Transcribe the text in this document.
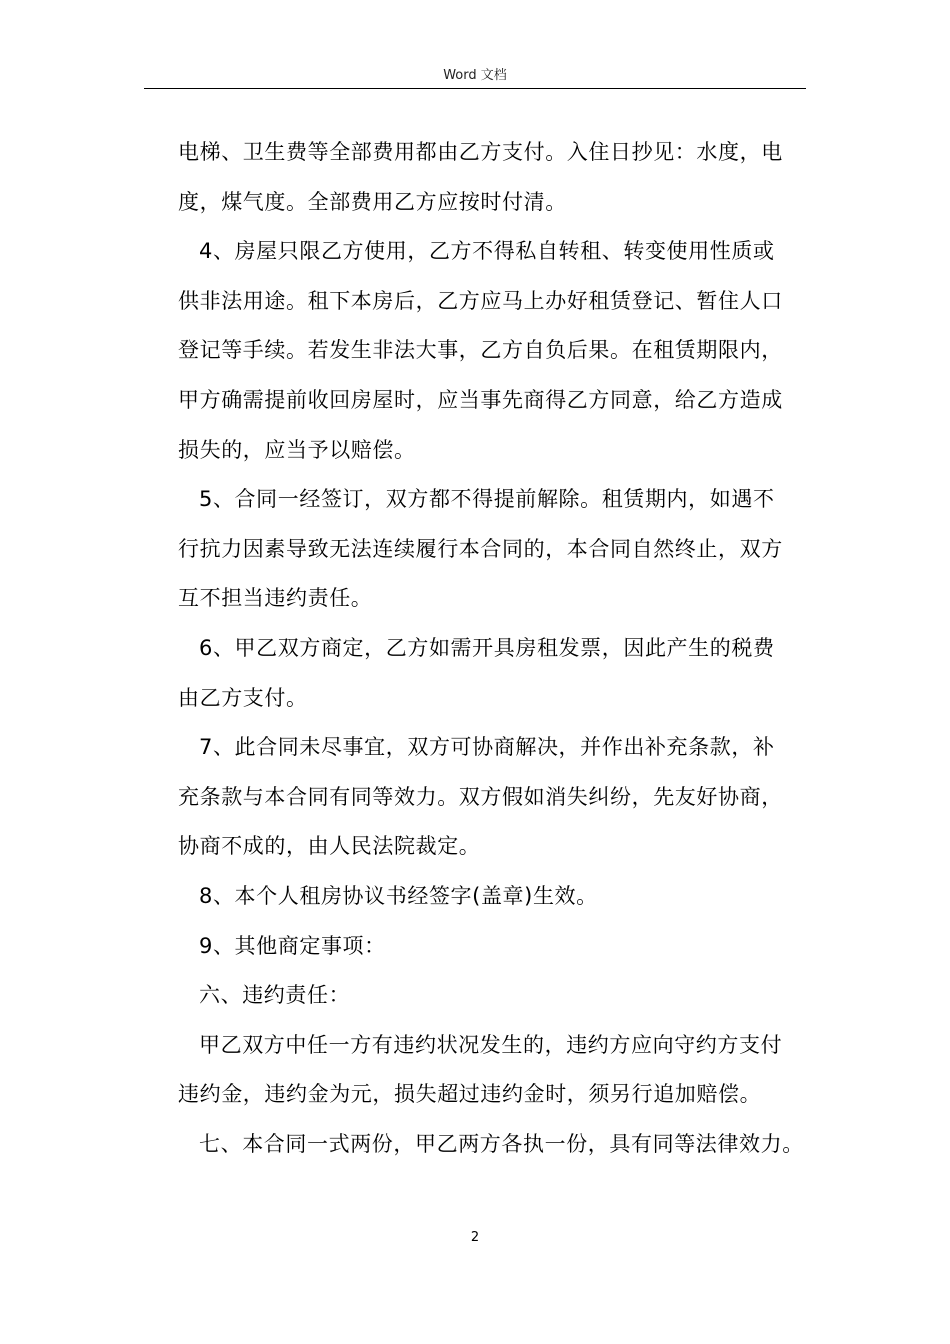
Word 文档
电梯、卫生费等全部费用都由乙方支付。入住日抄见：水度，电
度，煤气度。全部费用乙方应按时付清。
4、房屋只限乙方使用，乙方不得私自转租、转变使用性质或
供非法用途。租下本房后，乙方应马上办好租赁登记、暂住人口
登记等手续。若发生非法大事，乙方自负后果。在租赁期限内，
甲方确需提前收回房屋时，应当事先商得乙方同意，给乙方造成
损失的，应当予以赔偿。
5、合同一经签订，双方都不得提前解除。租赁期内，如遇不
行抗力因素导致无法连续履行本合同的，本合同自然终止，双方
互不担当违约责任。
6、甲乙双方商定，乙方如需开具房租发票，因此产生的税费
由乙方支付。
7、此合同未尽事宜，双方可协商解决，并作出补充条款，补
充条款与本合同有同等效力。双方假如消失纠纷，先友好协商，
协商不成的，由人民法院裁定。
8、本个人租房协议书经签字(盖章)生效。
9、其他商定事项：
六、违约责任：
甲乙双方中任一方有违约状况发生的，违约方应向守约方支付
违约金，违约金为元，损失超过违约金时，须另行追加赔偿。
七、本合同一式两份，甲乙两方各执一份，具有同等法律效力。
2
